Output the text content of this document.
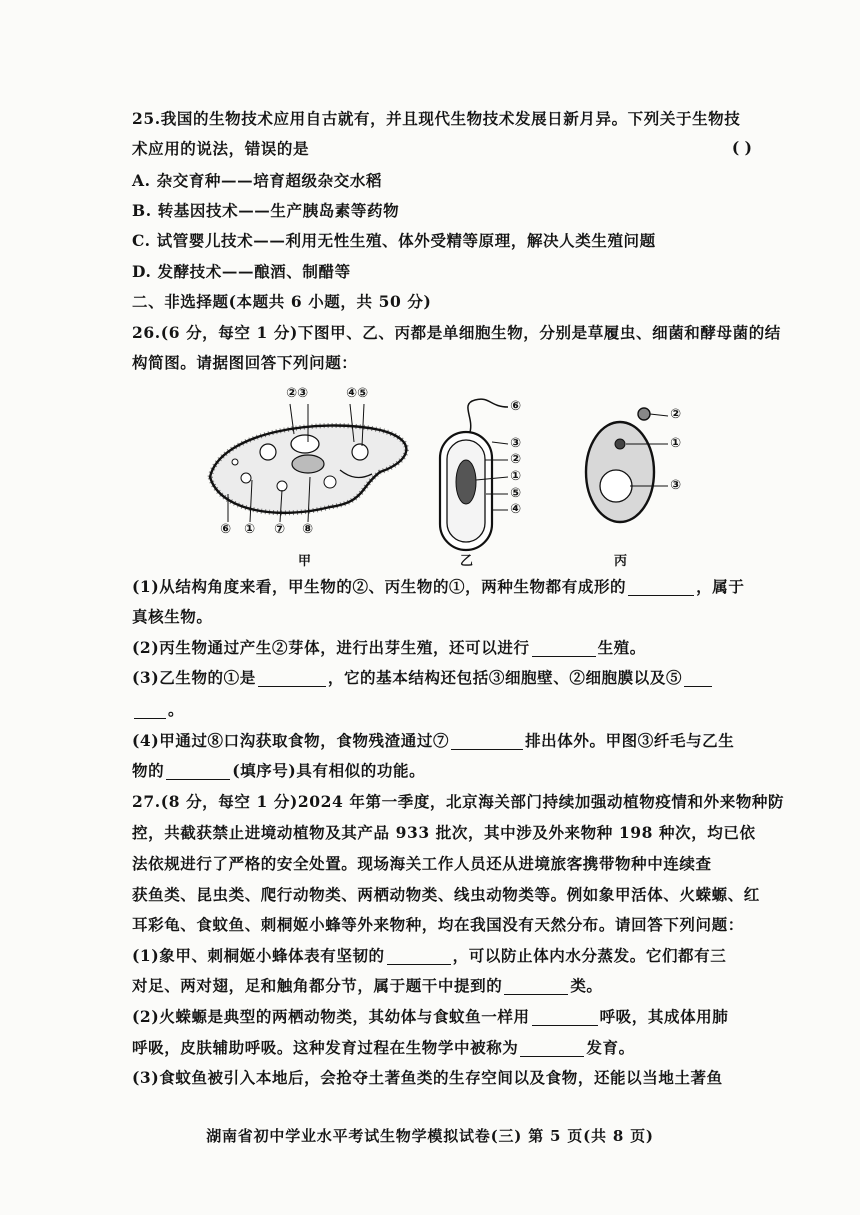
25.我国的生物技术应用自古就有，并且现代生物技术发展日新月异。下列关于生物技
术应用的说法，错误的是	( )
A. 杂交育种——培育超级杂交水稻
B. 转基因技术——生产胰岛素等药物
C. 试管婴儿技术——利用无性生殖、体外受精等原理，解决人类生殖问题
D. 发酵技术——酿酒、制醋等
二、非选择题(本题共 6 小题，共 50 分)
26.(6 分，每空 1 分)下图甲、乙、丙都是单细胞生物，分别是草履虫、细菌和酵母菌的结
构简图。请据图回答下列问题：
②③	④⑤
⑥ ① ⑦ ⑧
⑥
③
②
①
⑤
④
②
①
③
甲	乙	丙
(1)从结构角度来看，甲生物的②、丙生物的①，两种生物都有成形的	，属于
真核生物。
(2)丙生物通过产生②芽体，进行出芽生殖，还可以进行	生殖。
(3)乙生物的①是	，它的基本结构还包括③细胞壁、②细胞膜以及⑤
。
(4)甲通过⑧口沟获取食物，食物残渣通过⑦	排出体外。甲图③纤毛与乙生
物的	(填序号)具有相似的功能。
27.(8 分，每空 1 分)2024 年第一季度，北京海关部门持续加强动植物疫情和外来物种防
控，共截获禁止进境动植物及其产品 933 批次，其中涉及外来物种 198 种次，均已依
法依规进行了严格的安全处置。现场海关工作人员还从进境旅客携带物种中连续查
获鱼类、昆虫类、爬行动物类、两栖动物类、线虫动物类等。例如象甲活体、火蝾螈、红
耳彩龟、食蚊鱼、刺桐姬小蜂等外来物种，均在我国没有天然分布。请回答下列问题：
(1)象甲、刺桐姬小蜂体表有坚韧的	，可以防止体内水分蒸发。它们都有三
对足、两对翅，足和触角都分节，属于题干中提到的	类。
(2)火蝾螈是典型的两栖动物类，其幼体与食蚊鱼一样用	呼吸，其成体用肺
呼吸，皮肤辅助呼吸。这种发育过程在生物学中被称为	发育。
(3)食蚊鱼被引入本地后，会抢夺土著鱼类的生存空间以及食物，还能以当地土著鱼
湖南省初中学业水平考试生物学模拟试卷(三) 第 5 页(共 8 页)
